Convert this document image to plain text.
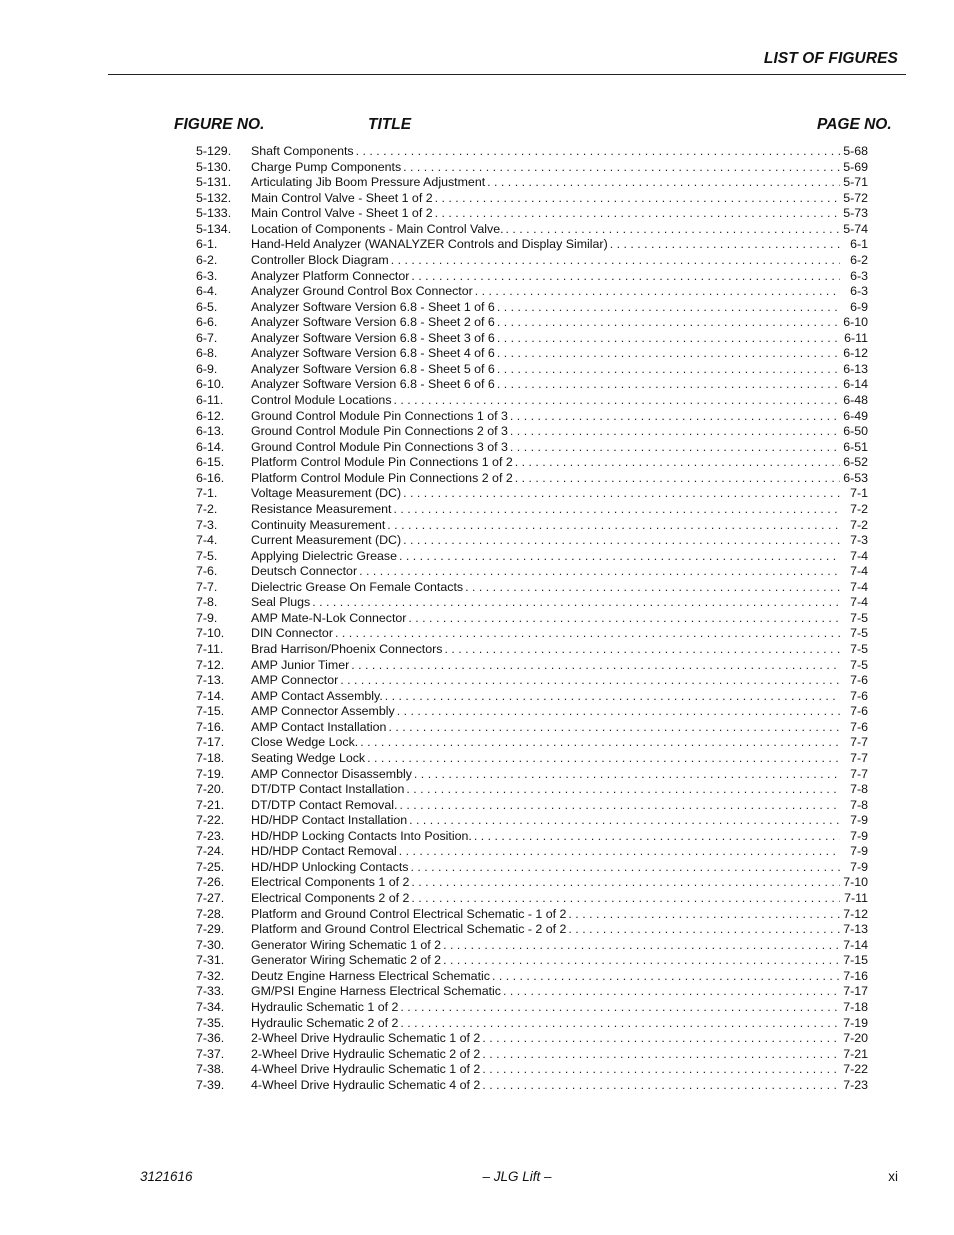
LIST OF FIGURES
FIGURE NO.	TITLE	PAGE NO.
5-129. Shaft Components . . .	5-68
5-130. Charge Pump Components . . .	5-69
5-131. Articulating Jib Boom Pressure Adjustment . . .	5-71
5-132. Main Control Valve - Sheet 1 of 2 . . .	5-72
5-133. Main Control Valve - Sheet 1 of 2 . . .	5-73
5-134. Location of Components - Main Control Valve. . . .	5-74
6-1.	Hand-Held Analyzer (WANALYZER Controls and Display Similar) . . .	6-1
6-2.	Controller Block Diagram . . .	6-2
6-3.	Analyzer Platform Connector . . .	6-3
6-4.	Analyzer Ground Control Box Connector . . .	6-3
6-5.	Analyzer Software Version 6.8 - Sheet 1 of 6 . . .	6-9
6-6.	Analyzer Software Version 6.8 - Sheet 2 of 6 . . .	6-10
6-7.	Analyzer Software Version 6.8 - Sheet 3 of 6 . . .	6-11
6-8.	Analyzer Software Version 6.8 - Sheet 4 of 6 . . .	6-12
6-9.	Analyzer Software Version 6.8 - Sheet 5 of 6 . . .	6-13
6-10. Analyzer Software Version 6.8 - Sheet 6 of 6 . . .	6-14
6-11. Control Module Locations . . .	6-48
6-12. Ground Control Module Pin Connections 1 of 3 . . .	6-49
6-13. Ground Control Module Pin Connections 2 of 3 . . .	6-50
6-14. Ground Control Module Pin Connections 3 of 3 . . .	6-51
6-15. Platform Control Module Pin Connections 1 of 2 . . .	6-52
6-16. Platform Control Module Pin Connections 2 of 2 . . .	6-53
7-1.	Voltage Measurement (DC) . . .	7-1
7-2.	Resistance Measurement . . .	7-2
7-3.	Continuity Measurement . . .	7-2
7-4.	Current Measurement (DC) . . .	7-3
7-5.	Applying Dielectric Grease . . .	7-4
7-6.	Deutsch Connector . . .	7-4
7-7.	Dielectric Grease On Female Contacts . . .	7-4
7-8.	Seal Plugs . . .	7-4
7-9.	AMP Mate-N-Lok Connector . . .	7-5
7-10. DIN Connector . . .	7-5
7-11. Brad Harrison/Phoenix Connectors . . .	7-5
7-12. AMP Junior Timer . . .	7-5
7-13. AMP Connector . . .	7-6
7-14. AMP Contact Assembly. . . .	7-6
7-15. AMP Connector Assembly . . .	7-6
7-16. AMP Contact Installation . . .	7-6
7-17. Close Wedge Lock. . . .	7-7
7-18. Seating Wedge Lock . . .	7-7
7-19. AMP Connector Disassembly . . .	7-7
7-20. DT/DTP Contact Installation . . .	7-8
7-21. DT/DTP Contact Removal. . . .	7-8
7-22. HD/HDP Contact Installation . . .	7-9
7-23. HD/HDP Locking Contacts Into Position. . . .	7-9
7-24. HD/HDP Contact Removal . . .	7-9
7-25. HD/HDP Unlocking Contacts . . .	7-9
7-26. Electrical Components 1 of 2 . . .	7-10
7-27. Electrical Components 2 of 2 . . .	7-11
7-28. Platform and Ground Control Electrical Schematic - 1 of 2 . . .	7-12
7-29. Platform and Ground Control Electrical Schematic - 2 of 2 . . .	7-13
7-30. Generator Wiring Schematic 1 of 2 . . .	7-14
7-31. Generator Wiring Schematic 2 of 2 . . .	7-15
7-32. Deutz Engine Harness Electrical Schematic . . .	7-16
7-33. GM/PSI Engine Harness Electrical Schematic . . .	7-17
7-34. Hydraulic Schematic 1 of 2 . . .	7-18
7-35. Hydraulic Schematic 2 of 2 . . .	7-19
7-36. 2-Wheel Drive Hydraulic Schematic 1 of 2 . . .	7-20
7-37. 2-Wheel Drive Hydraulic Schematic 2 of 2 . . .	7-21
7-38. 4-Wheel Drive Hydraulic Schematic 1 of 2 . . .	7-22
7-39. 4-Wheel Drive Hydraulic Schematic 4 of 2 . . .	7-23
3121616	– JLG Lift –	xi
